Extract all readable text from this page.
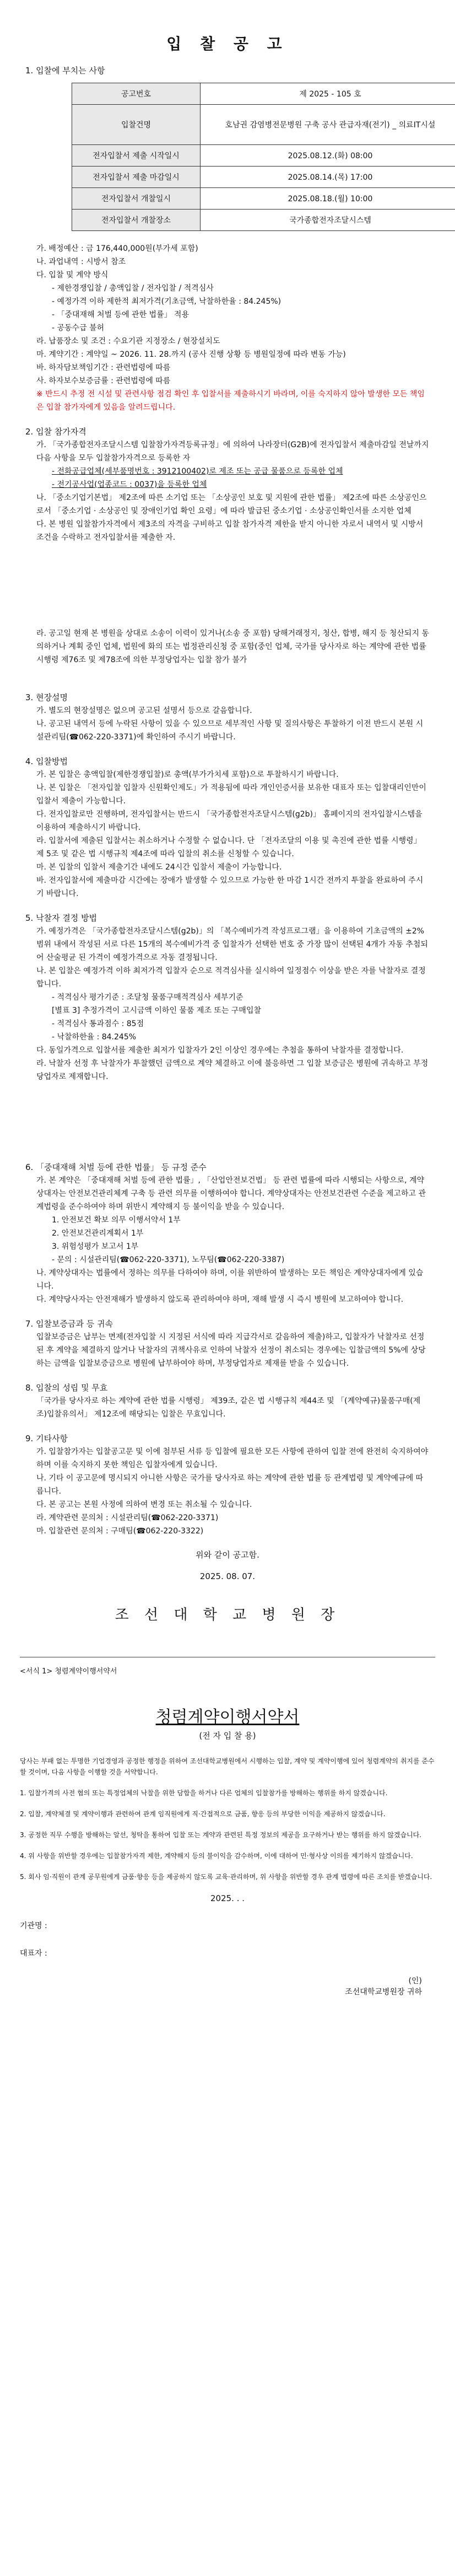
입 찰 공 고

1. 입찰에 부치는 사항

공고번호	제 2025 - 105 호
입찰건명	호남권 감염병전문병원 구축 공사 관급자재(전기) _ 의료IT시설
전자입찰서 제출 시작일시	2025.08.12.(화) 08:00
전자입찰서 제출 마감일시	2025.08.14.(목) 17:00
전자입찰서 개찰일시	2025.08.18.(월) 10:00
전자입찰서 개찰장소	국가종합전자조달시스템

가. 배정예산 : 금 176,440,000원(부가세 포함)

나. 과업내역 : 시방서 참조

다. 입찰 및 계약 방식

- 제한경쟁입찰 / 총액입찰 / 전자입찰 / 적격심사

- 예정가격 이하 제한적 최저가격(기초금액, 낙찰하한율 : 84.245%)

- 「중대재해 처벌 등에 관한 법률」 적용

- 공동수급 불허

라. 납품장소 및 조건 : 수요기관 지정장소 / 현장설치도

마. 계약기간 : 계약일 ~ 2026. 11. 28.까지 (공사 진행 상황 등 병원일정에 따라 변동 가능)

바. 하자담보책임기간 : 관련법령에 따름

사. 하자보수보증금률 : 관련법령에 따름

※ 반드시 추정 전 시설 및 관련사항 점검 확인 후 입찰서를 제출하시기 바라며, 이를 숙지하지 않아 발생한 모든 책임은 입찰 참가자에게 있음을 알려드립니다.

2. 입찰 참가자격

가. 「국가종합전자조달시스템 입찰참가자격등록규정」에 의하여 나라장터(G2B)에 전자입찰서 제출마감일 전날까지 다음 사항을 모두 입찰참가자격으로 등록한 자

- 전화공급업체(세부품명번호 : 3912100402)로 제조 또는 공급 물품으로 등록한 업체

- 전기공사업(업종코드 : 0037)을 등록한 업체

나. 「중소기업기본법」 제2조에 따른 소기업 또는 「소상공인 보호 및 지원에 관한 법률」 제2조에 따른 소상공인으로서 「중소기업 · 소상공인 및 장애인기업 확인 요령」에 따라 발급된 중소기업 · 소상공인확인서를 소지한 업체

다. 본 병원 입찰참가자격에서 제3조의 자격을 구비하고 입찰 참가자격 제한을 받지 아니한 자로서 내역서 및 시방서 조건을 수락하고 전자입찰서를 제출한 자.

라. 공고일 현재 본 병원을 상대로 소송이 이력이 있거나(소송 중 포함) 당해거래정지, 청산, 합병, 해지 등 청산되지 동의하거나 계획 중인 업체, 법원에 화의 또는 법정관리신청 중 포함(중인 업체, 국가를 당사자로 하는 계약에 관한 법률시행령 제76조 및 제78조에 의한 부정당업자는 입찰 참가 불가

3. 현장설명

가. 별도의 현장설명은 없으며 공고된 설명서 등으로 갈음합니다.

나. 공고된 내역서 등에 누락된 사항이 있을 수 있으므로 세부적인 사항 및 질의사항은 투찰하기 이전 반드시 본원 시설관리팀(☎062-220-3371)에 확인하여 주시기 바랍니다.

4. 입찰방법

가. 본 입찰은 총액입찰(제한경쟁입찰)로 총액(부가가치세 포함)으로 투찰하시기 바랍니다.

나. 본 입찰은 「전자입찰 입찰자 신원확인제도」가 적용됨에 따라 개인인증서를 보유한 대표자 또는 입찰대리인만이 입찰서 제출이 가능합니다.

다. 전자입찰로만 진행하며, 전자입찰서는 반드시 「국가종합전자조달시스템(g2b)」 홈페이지의 전자입찰시스템을 이용하여 제출하시기 바랍니다.

라. 입찰서에 제출된 입찰서는 취소하거나 수정할 수 없습니다. 단 「전자조달의 이용 및 촉진에 관한 법률 시행령」 제 5조 및 같은 법 시행규칙 제4조에 따라 입찰의 취소를 신청할 수 있습니다.

마. 본 입찰의 입찰서 제출기간 내에도 24시간 입찰서 제출이 가능합니다.

바. 전자입찰서에 제출마감 시간에는 장애가 발생할 수 있으므로 가능한 한 마감 1시간 전까지 투찰을 완료하여 주시기 바랍니다.

5. 낙찰자 결정 방법

가. 예정가격은 「국가종합전자조달시스템(g2b)」의 「복수예비가격 작성프로그램」을 이용하여 기초금액의 ±2%범위 내에서 작성된 서로 다른 15개의 복수예비가격 중 입찰자가 선택한 번호 중 가장 많이 선택된 4개가 자동 추첨되어 산술평균 된 가격이 예정가격으로 자동 결정됩니다.

나. 본 입찰은 예정가격 이하 최저가격 입찰자 순으로 적격심사를 실시하여 일정점수 이상을 받은 자를 낙찰자로 결정합니다.

- 적격심사 평가기준 : 조달청 물품구매적격심사 세부기준

[별표 3] 추정가격이 고시금액 이하인 물품 제조 또는 구매입찰

- 적격심사 통과점수 : 85점

- 낙찰하한율 : 84.245%

다. 동일가격으로 입찰서를 제출한 최저가 입찰자가 2인 이상인 경우에는 추첨을 통하여 낙찰자를 결정합니다.

라. 낙찰자 선정 후 낙찰자가 투찰했던 금액으로 계약 체결하고 이에 불응하면 그 입찰 보증금은 병원에 귀속하고 부정당업자로 제재합니다.

6. 「중대재해 처벌 등에 관한 법률」 등 규정 준수

가. 본 계약은 「중대재해 처벌 등에 관한 법률」, 「산업안전보건법」 등 관련 법률에 따라 시행되는 사항으로, 계약상대자는 안전보건관리체계 구축 등 관련 의무를 이행하여야 합니다. 계약상대자는 안전보건관련 수준을 제고하고 관계법령을 준수하여야 하며 위반시 계약해지 등 불이익을 받을 수 있습니다.

1. 안전보건 확보 의무 이행서약서 1부

2. 안전보건관리계획서 1부

3. 위험성평가 보고서 1부

- 문의 : 시설관리팀(☎062-220-3371), 노무팀(☎062-220-3387)

나. 계약상대자는 법률에서 정하는 의무를 다하여야 하며, 이를 위반하여 발생하는 모든 책임은 계약상대자에게 있습니다.

다. 계약당사자는 안전재해가 발생하지 않도록 관리하여야 하며, 재해 발생 시 즉시 병원에 보고하여야 합니다.

7. 입찰보증금과 등 귀속

입찰보증금은 납부는 면제(전자입찰 시 지정된 서식에 따라 지급각서로 갈음하여 제출)하고, 입찰자가 낙찰자로 선정된 후 계약을 체결하지 않거나 낙찰자의 귀책사유로 인하여 낙찰자 선정이 취소되는 경우에는 입찰금액의 5%에 상당하는 금액을 입찰보증금으로 병원에 납부하여야 하며, 부정당업자로 제재를 받을 수 있습니다.

8. 입찰의 성립 및 무효

「국가를 당사자로 하는 계약에 관한 법률 시행령」 제39조, 같은 법 시행규칙 제44조 및 「(계약예규)물품구매(제조)입찰유의서」 제12조에 해당되는 입찰은 무효입니다.

9. 기타사항

가. 입찰참가자는 입찰공고문 및 이에 첨부된 서류 등 입찰에 필요한 모든 사항에 관하여 입찰 전에 완전히 숙지하여야 하며 이를 숙지하지 못한 책임은 입찰자에게 있습니다.

나. 기타 이 공고문에 명시되지 아니한 사항은 국가를 당사자로 하는 계약에 관한 법률 등 관계법령 및 계약예규에 따릅니다.

다. 본 공고는 본원 사정에 의하여 변경 또는 취소될 수 있습니다.

라. 계약관련 문의처 : 시설관리팀(☎062-220-3371)

마. 입찰관련 문의처 : 구매팀(☎062-220-3322)

위와 같이 공고함.
2025. 08. 07.
조 선 대 학 교 병 원 장
<서식 1> 청렴계약이행서약서
청렴계약이행서약서
(전 자 입 찰 용)

당사는 부패 없는 투명한 기업경영과 공정한 행정을 위하여 조선대학교병원에서 시행하는 입찰, 계약 및 계약이행에 있어 청렴계약의 취지를 준수할 것이며, 다음 사항을 이행할 것을 서약합니다.

1. 입찰가격의 사전 협의 또는 특정업체의 낙찰을 위한 담합을 하거나 다른 업체의 입찰참가를 방해하는 행위를 하지 않겠습니다.

2. 입찰, 계약체결 및 계약이행과 관련하여 관계 임직원에게 직·간접적으로 금품, 향응 등의 부당한 이익을 제공하지 않겠습니다.

3. 공정한 직무 수행을 방해하는 알선, 청탁을 통하여 입찰 또는 계약과 관련된 특정 정보의 제공을 요구하거나 받는 행위를 하지 않겠습니다.

4. 위 사항을 위반할 경우에는 입찰참가자격 제한, 계약해지 등의 불이익을 감수하며, 이에 대하여 민·형사상 이의를 제기하지 않겠습니다.

5. 회사 임·직원이 관계 공무원에게 금품·향응 등을 제공하지 않도록 교육·관리하며, 위 사항을 위반할 경우 관계 법령에 따른 조치를 받겠습니다.

2025. . .
기관명 :
대표자 :
(인)
조선대학교병원장 귀하
